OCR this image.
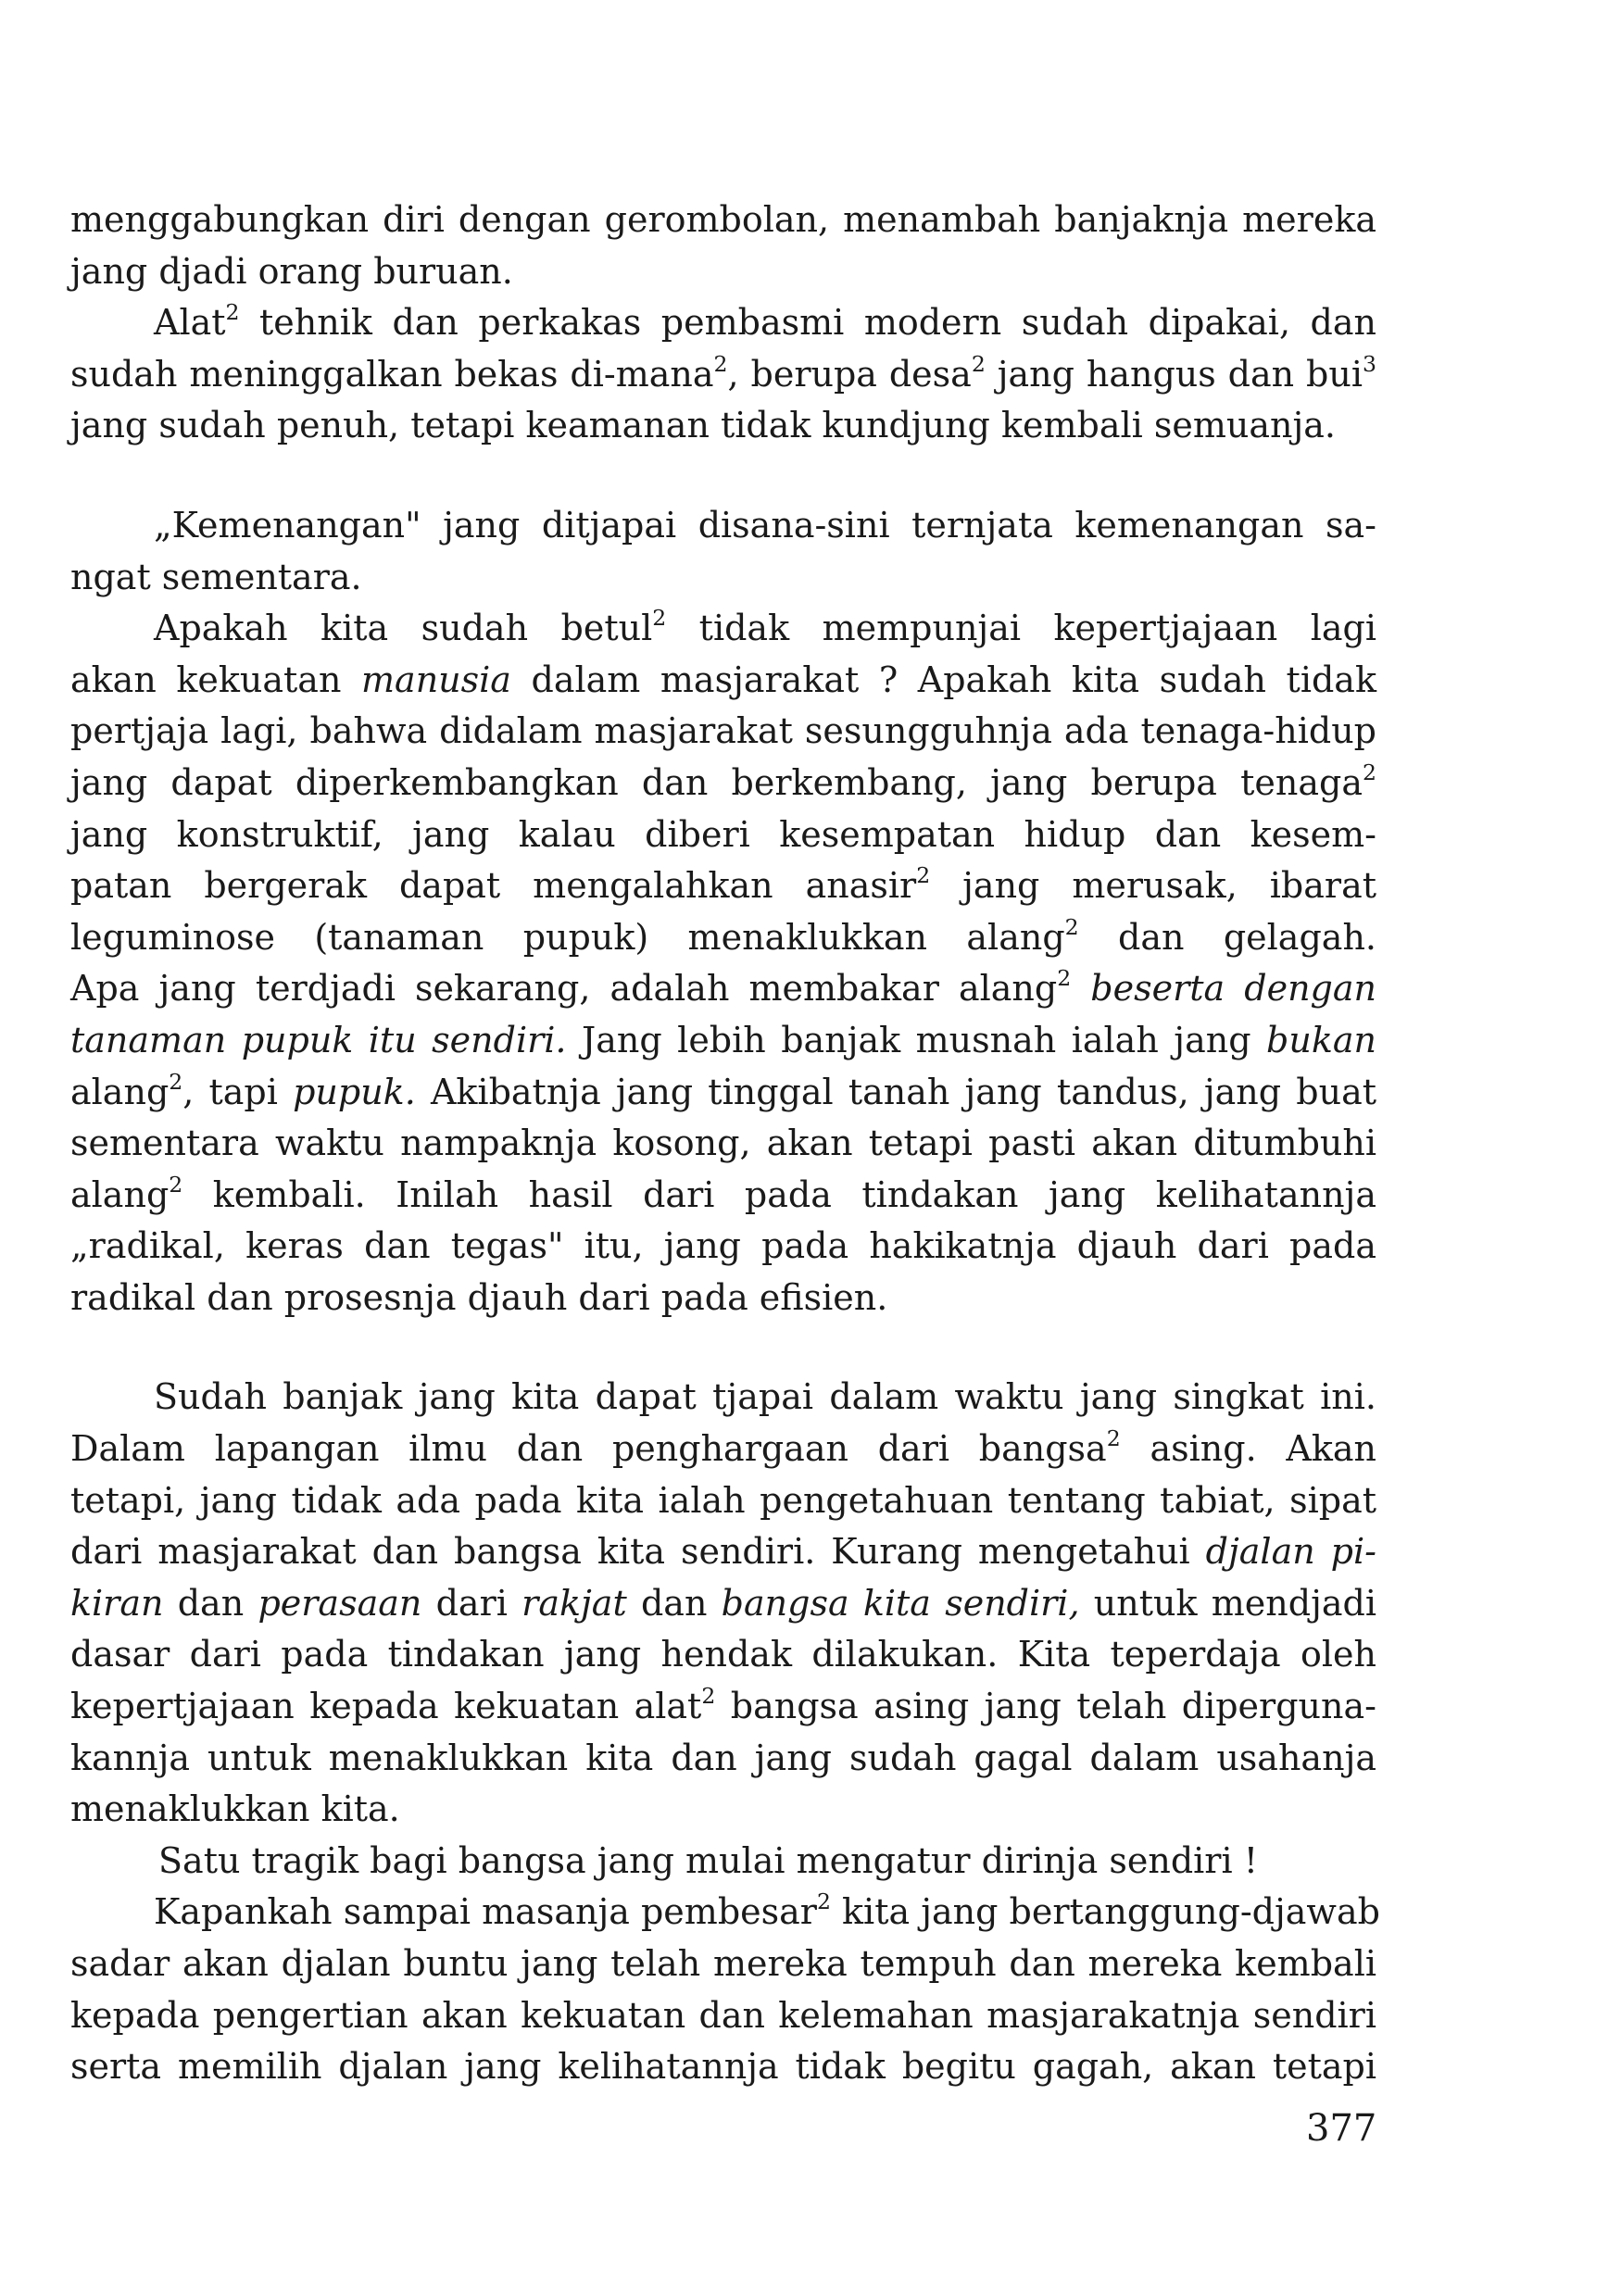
menggabungkan diri dengan gerombolan, menambah banjaknja mereka
jang djadi orang buruan.
Alat$^2$ tehnik dan perkakas pembasmi modern sudah dipakai, dan
sudah meninggalkan bekas di-mana$^2$, berupa desa$^2$ jang hangus dan bui$^3$
jang sudah penuh, tetapi keamanan tidak kundjung kembali semuanja.
„Kemenangan" jang ditjapai disana-sini ternjata kemenangan sa-
ngat sementara.
Apakah kita sudah betul$^2$ tidak mempunjai kepertjajaan lagi
akan kekuatan manusia dalam masjarakat ? Apakah kita sudah tidak
pertjaja lagi, bahwa didalam masjarakat sesungguhnja ada tenaga-hidup
jang dapat diperkembangkan dan berkembang, jang berupa tenaga$^2$
jang konstruktif, jang kalau diberi kesempatan hidup dan kesem-
patan bergerak dapat mengalahkan anasir$^2$ jang merusak, ibarat
leguminose (tanaman pupuk) menaklukkan alang$^2$ dan gelagah.
Apa jang terdjadi sekarang, adalah membakar alang$^2$ beserta dengan
tanaman pupuk itu sendiri. Jang lebih banjak musnah ialah jang bukan
alang$^2$, tapi pupuk. Akibatnja jang tinggal tanah jang tandus, jang buat
sementara waktu nampaknja kosong, akan tetapi pasti akan ditumbuhi
alang$^2$ kembali. Inilah hasil dari pada tindakan jang kelihatannja
„radikal, keras dan tegas" itu, jang pada hakikatnja djauh dari pada
radikal dan prosesnja djauh dari pada efisien.
Sudah banjak jang kita dapat tjapai dalam waktu jang singkat ini.
Dalam lapangan ilmu dan penghargaan dari bangsa$^2$ asing. Akan
tetapi, jang tidak ada pada kita ialah pengetahuan tentang tabiat, sipat
dari masjarakat dan bangsa kita sendiri. Kurang mengetahui djalan pi-
kiran dan perasaan dari rakjat dan bangsa kita sendiri, untuk mendjadi
dasar dari pada tindakan jang hendak dilakukan. Kita teperdaja oleh
kepertjajaan kepada kekuatan alat$^2$ bangsa asing jang telah diperguna-
kannja untuk menaklukkan kita dan jang sudah gagal dalam usahanja
menaklukkan kita.
Satu tragik bagi bangsa jang mulai mengatur dirinja sendiri !
Kapankah sampai masanja pembesar$^2$ kita jang bertanggung-djawab
sadar akan djalan buntu jang telah mereka tempuh dan mereka kembali
kepada pengertian akan kekuatan dan kelemahan masjarakatnja sendiri
serta memilih djalan jang kelihatannja tidak begitu gagah, akan tetapi
377
